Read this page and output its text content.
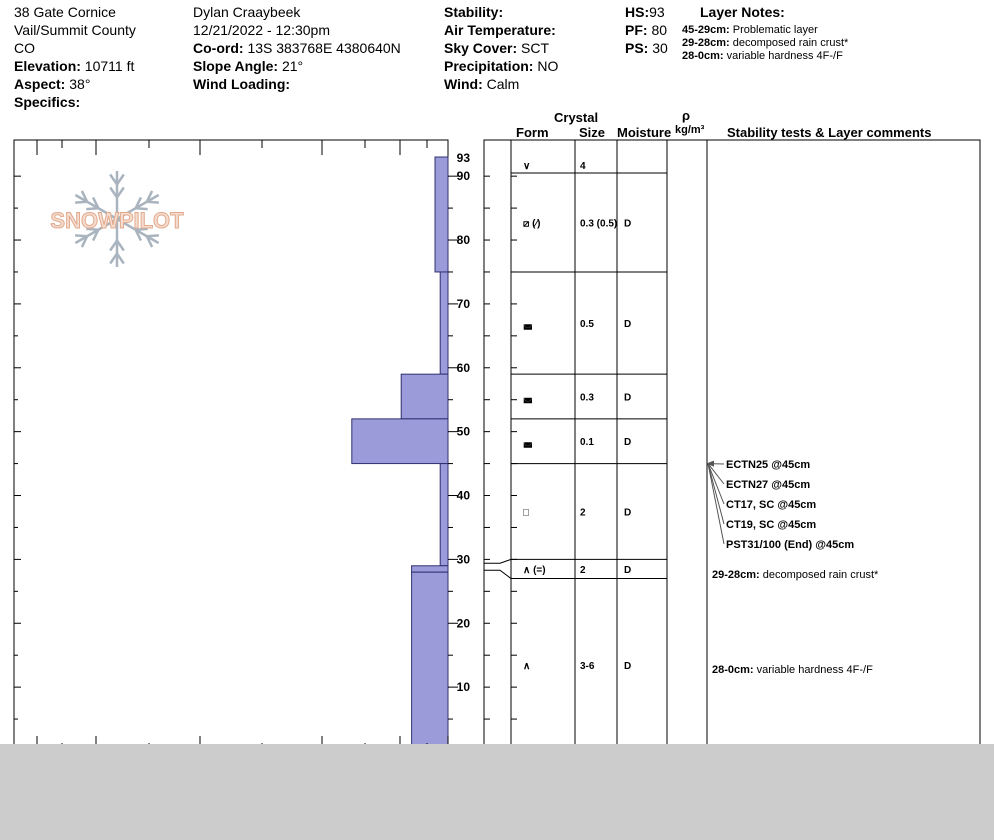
38 Gate Cornice
Vail/Summit County
CO
Elevation: 10711 ft
Aspect: 38°
Specifics:
Dylan Craaybeek
12/21/2022 - 12:30pm
Co-ord: 13S 383768E 4380640N
Slope Angle: 21°
Wind Loading:
Stability:
Air Temperature:
Sky Cover: SCT
Precipitation: NO
Wind: Calm
HS:93
PF: 80
PS: 30
Layer Notes:
45-29cm: Problematic layer
29-28cm: decomposed rain crust*
28-0cm: variable hardness 4F-/F
Crystal
Form Size Moisture
ρ
kg/m³ Stability tests & Layer comments
SNOWPILOT
10
20
30
40
50
60
70
80
90
93
∨	4
⧄ (⁄)	0.3 (0.5) D
◛	0.5	D
◛	0.3	D
◛	0.1	D
□	2	D
∧ (=)	2	D
∧	3-6	D
ECTN25 @45cm
ECTN27 @45cm
CT17, SC @45cm
CT19, SC @45cm
PST31/100 (End) @45cm
29-28cm: decomposed rain crust*
28-0cm: variable hardness 4F-/F
